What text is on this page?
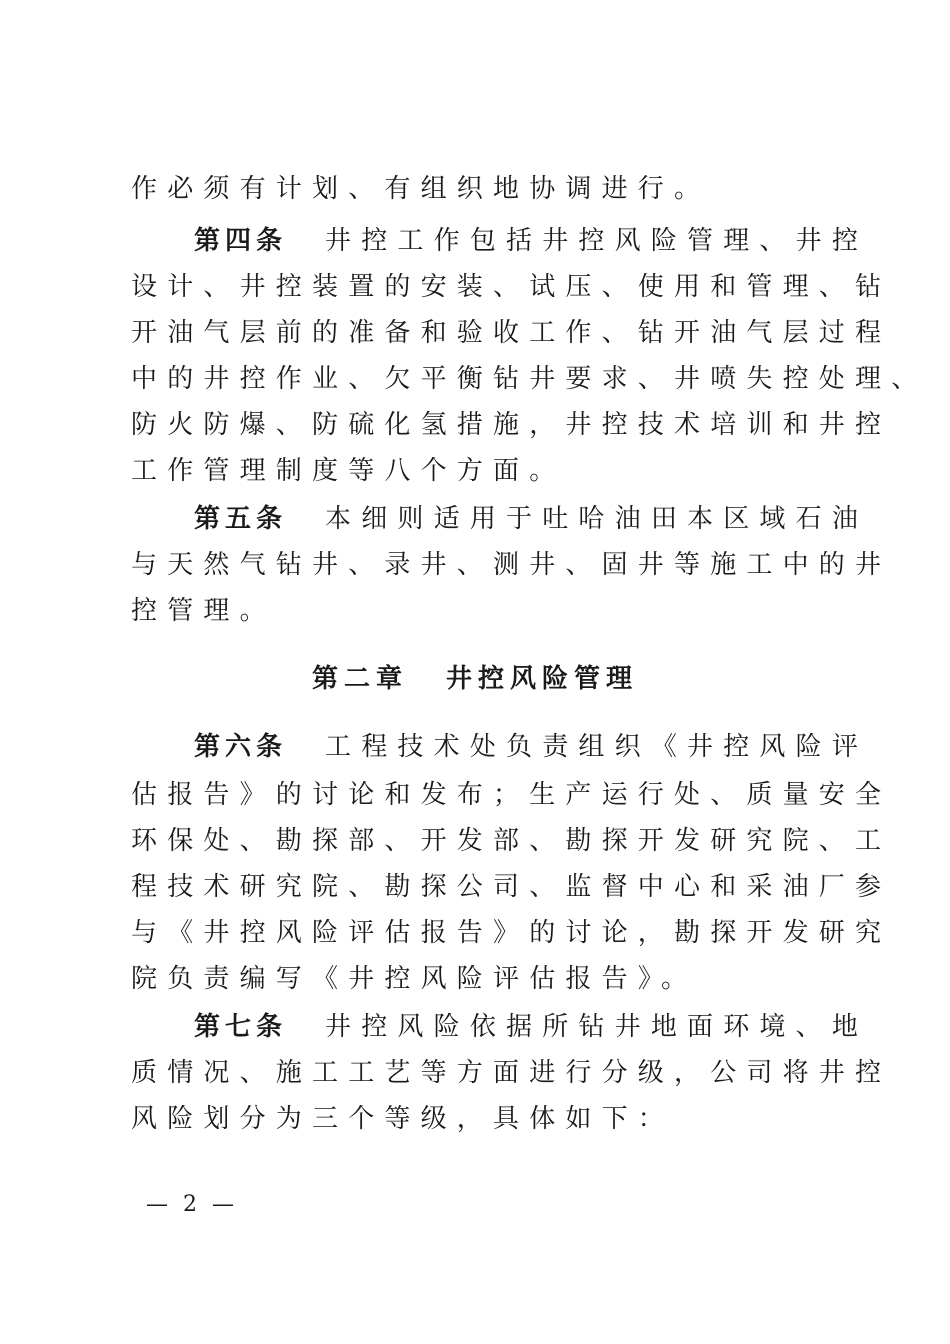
作必须有计划、有组织地协调进行。

第四条 井控工作包括井控风险管理、井控

设计、井控装置的安装、试压、使用和管理、钻

开油气层前的准备和验收工作、钻开油气层过程

中的井控作业、欠平衡钻井要求、井喷失控处理、

防火防爆、防硫化氢措施，井控技术培训和井控

工作管理制度等八个方面。

第五条 本细则适用于吐哈油田本区域石油

与天然气钻井、录井、测井、固井等施工中的井

控管理。

第二章 井控风险管理

第六条 工程技术处负责组织《井控风险评

估报告》的讨论和发布；生产运行处、质量安全

环保处、勘探部、开发部、勘探开发研究院、工

程技术研究院、勘探公司、监督中心和采油厂参

与《井控风险评估报告》的讨论，勘探开发研究

院负责编写《井控风险评估报告》。

第七条 井控风险依据所钻井地面环境、地

质情况、施工工艺等方面进行分级，公司将井控

风险划分为三个等级，具体如下：

— 2 —
